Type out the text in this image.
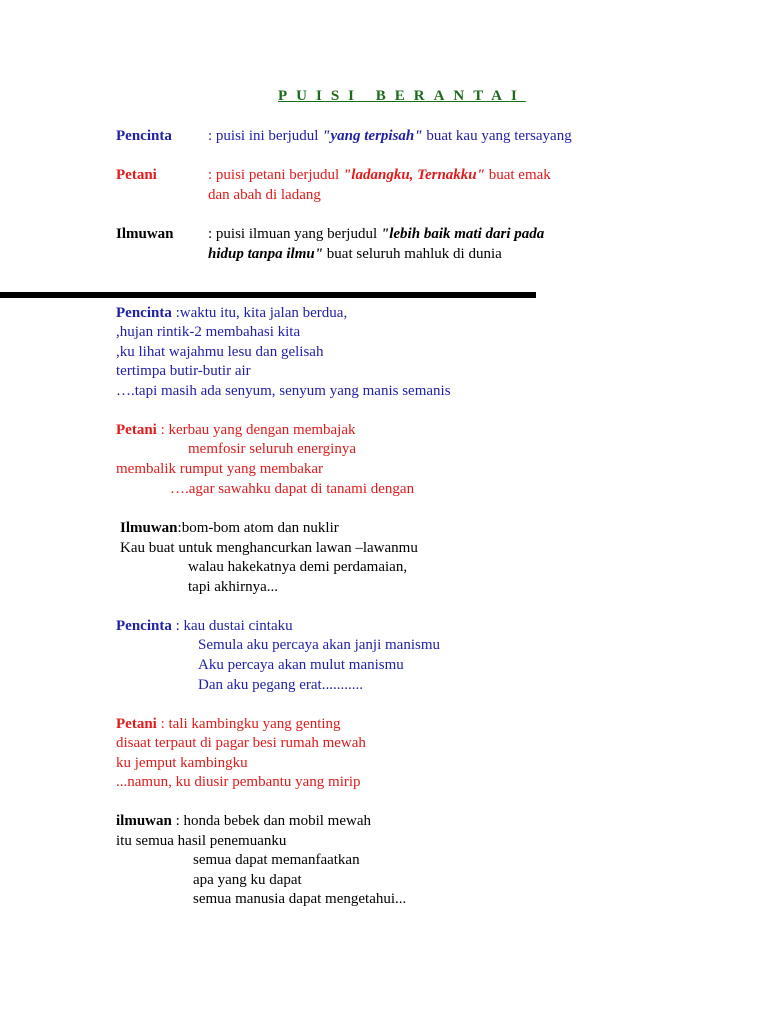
PUISI BERANTAI
Pencinta : puisi ini berjudul "yang terpisah" buat kau yang tersayang
Petani	: puisi petani berjudul "ladangku, Ternakku" buat emak
dan abah di ladang
Ilmuwan : puisi ilmuan yang berjudul "lebih baik mati dari pada
hidup tanpa ilmu" buat seluruh mahluk di dunia
Pencinta :waktu itu, kita jalan berdua,
,hujan rintik-2 membahasi kita
,ku lihat wajahmu lesu dan gelisah
tertimpa butir-butir air
….tapi masih ada senyum, senyum yang manis semanis
Petani : kerbau yang dengan membajak
memfosir seluruh energinya
membalik rumput yang membakar
….agar sawahku dapat di tanami dengan
Ilmuwan:bom-bom atom dan nuklir
Kau buat untuk menghancurkan lawan –lawanmu
walau hakekatnya demi perdamaian,
tapi akhirnya...
Pencinta : kau dustai cintaku
Semula aku percaya akan janji manismu
Aku percaya akan mulut manismu
Dan aku pegang erat...........
Petani : tali kambingku yang genting
disaat terpaut di pagar besi rumah mewah
ku jemput kambingku
...namun, ku diusir pembantu yang mirip
ilmuwan : honda bebek dan mobil mewah
itu semua hasil penemuanku
semua dapat memanfaatkan
apa yang ku dapat
semua manusia dapat mengetahui...
